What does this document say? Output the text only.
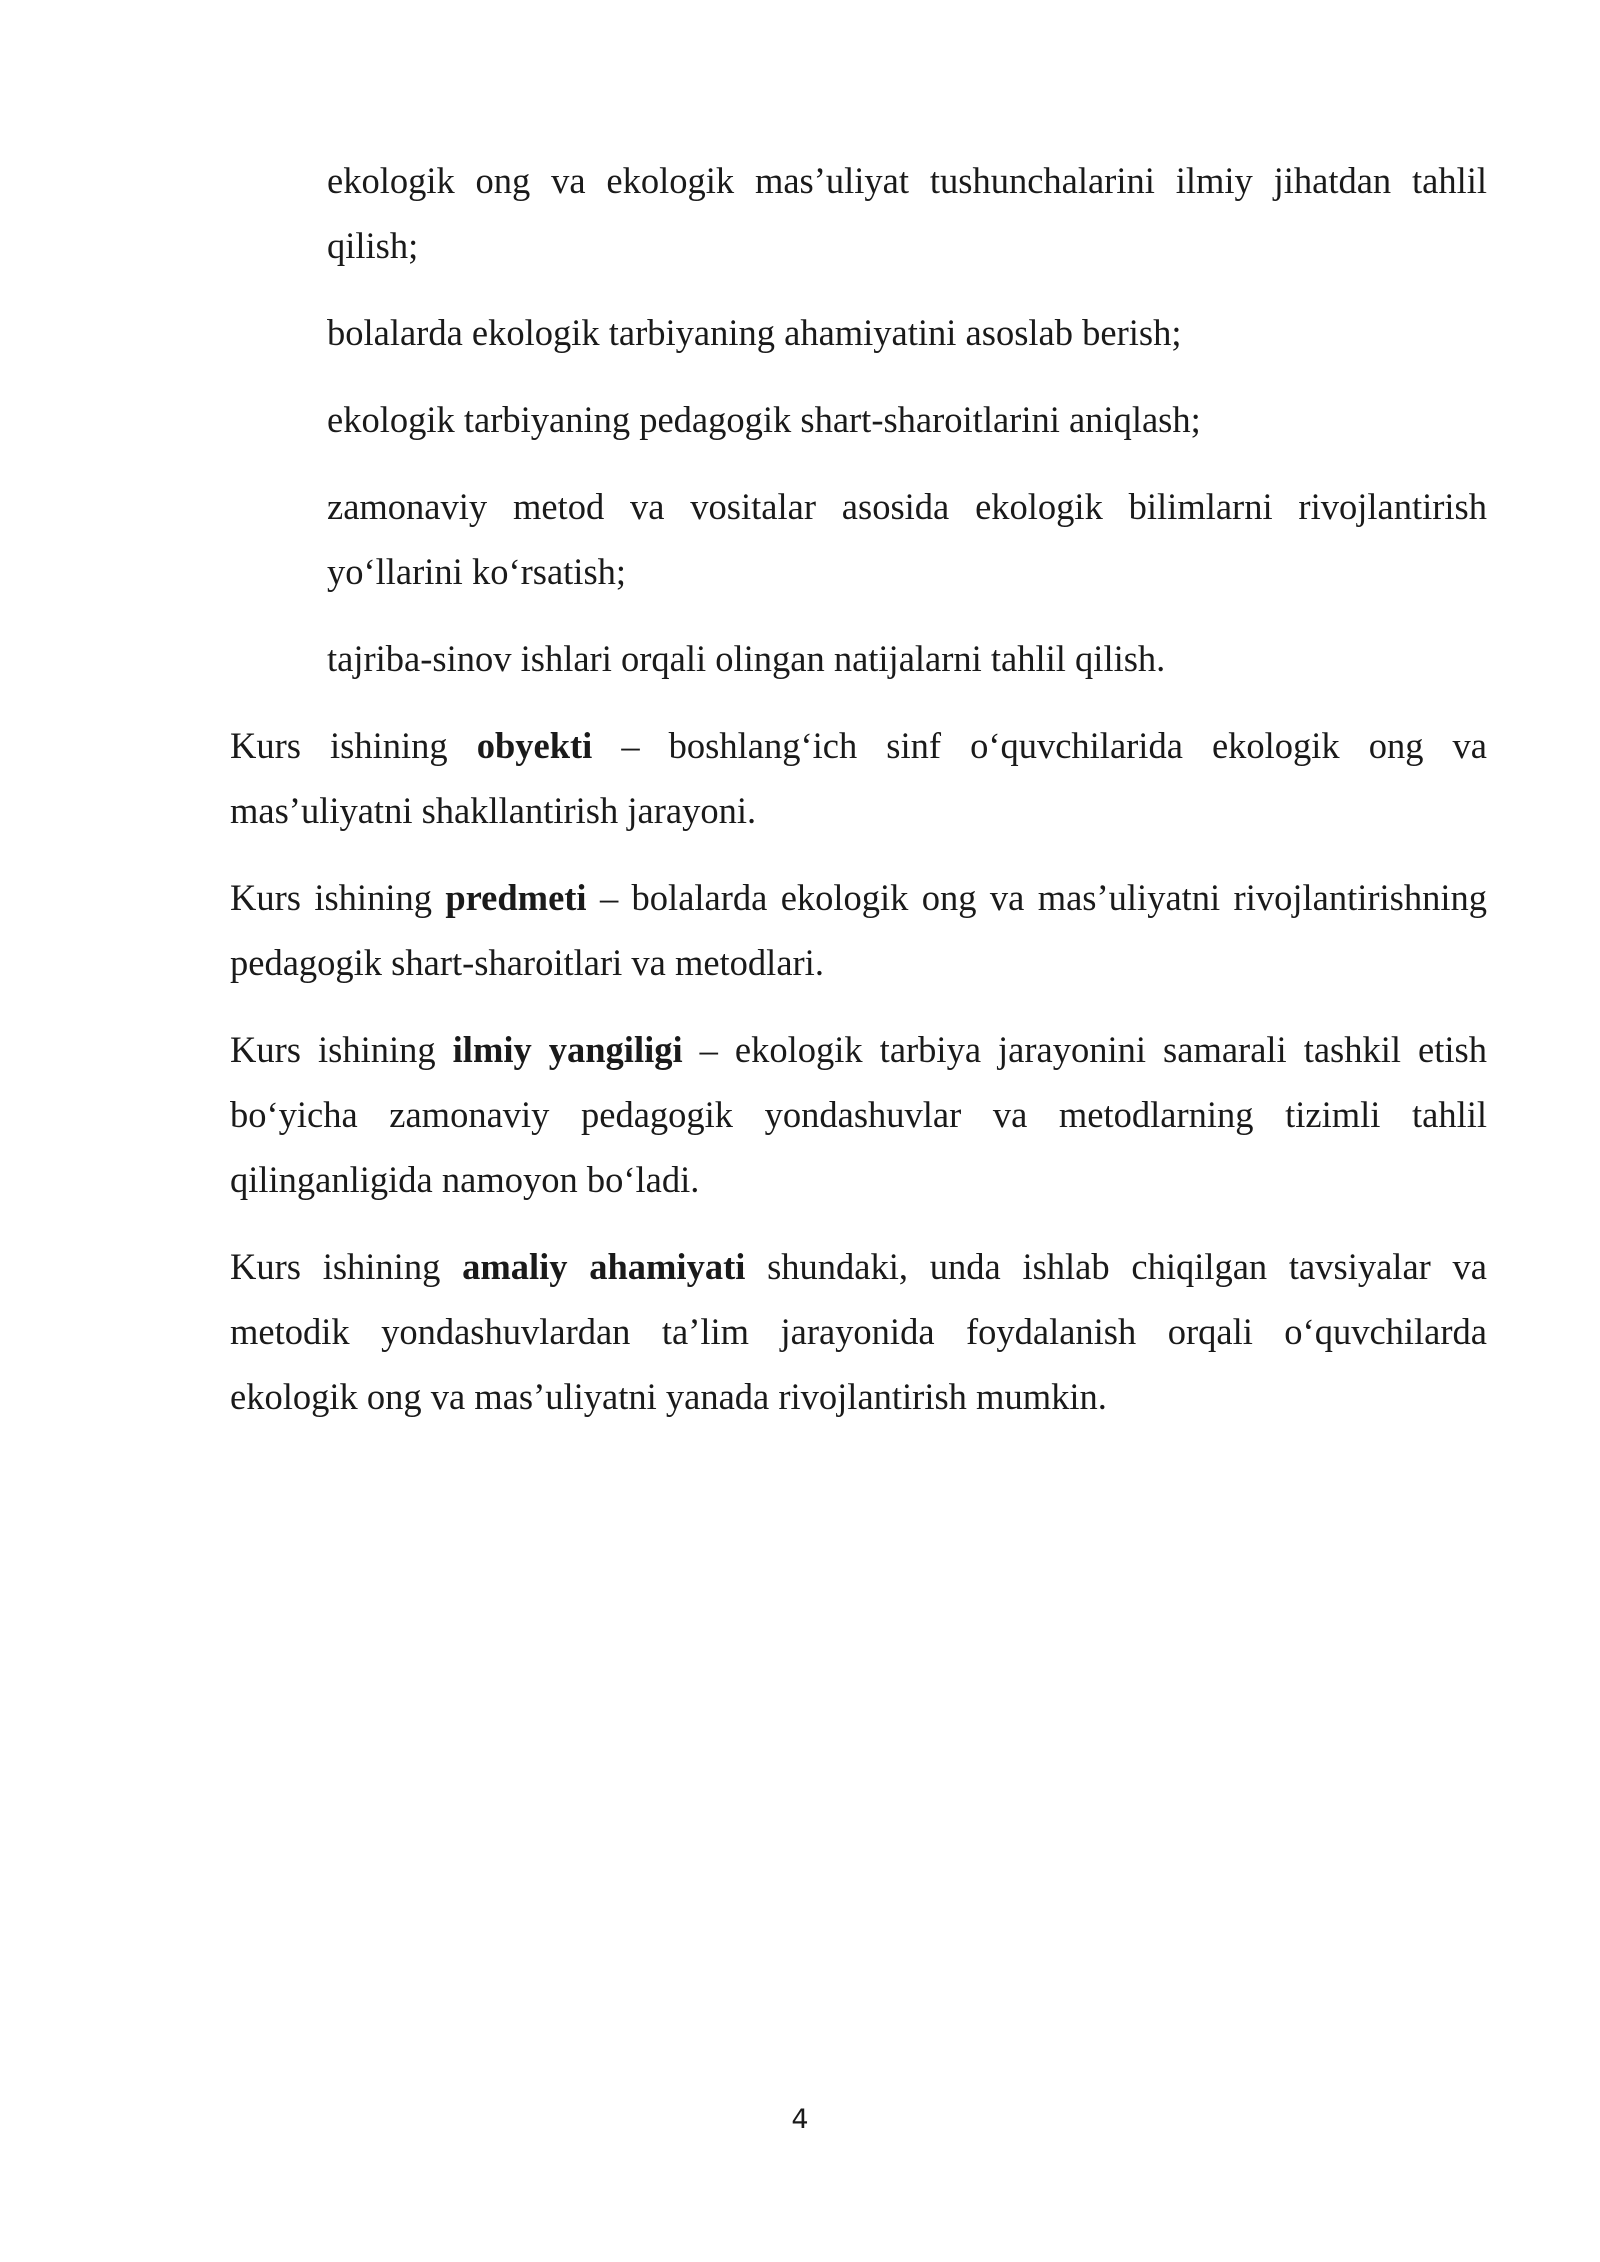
ekologik ong va ekologik mas’uliyat tushunchalarini ilmiy jihatdan tahlil qilish;

bolalarda ekologik tarbiyaning ahamiyatini asoslab berish;

ekologik tarbiyaning pedagogik shart-sharoitlarini aniqlash;

zamonaviy metod va vositalar asosida ekologik bilimlarni rivojlantirish yo‘llarini ko‘rsatish;

tajriba-sinov ishlari orqali olingan natijalarni tahlil qilish.

Kurs ishining obyekti – boshlang‘ich sinf o‘quvchilarida ekologik ong va mas’uliyatni shakllantirish jarayoni.

Kurs ishining predmeti – bolalarda ekologik ong va mas’uliyatni rivojlantirishning pedagogik shart-sharoitlari va metodlari.

Kurs ishining ilmiy yangiligi – ekologik tarbiya jarayonini samarali tashkil etish bo‘yicha zamonaviy pedagogik yondashuvlar va metodlarning tizimli tahlil qilinganligida namoyon bo‘ladi.

Kurs ishining amaliy ahamiyati shundaki, unda ishlab chiqilgan tavsiyalar va metodik yondashuvlardan ta’lim jarayonida foydalanish orqali o‘quvchilarda ekologik ong va mas’uliyatni yanada rivojlantirish mumkin.

4
